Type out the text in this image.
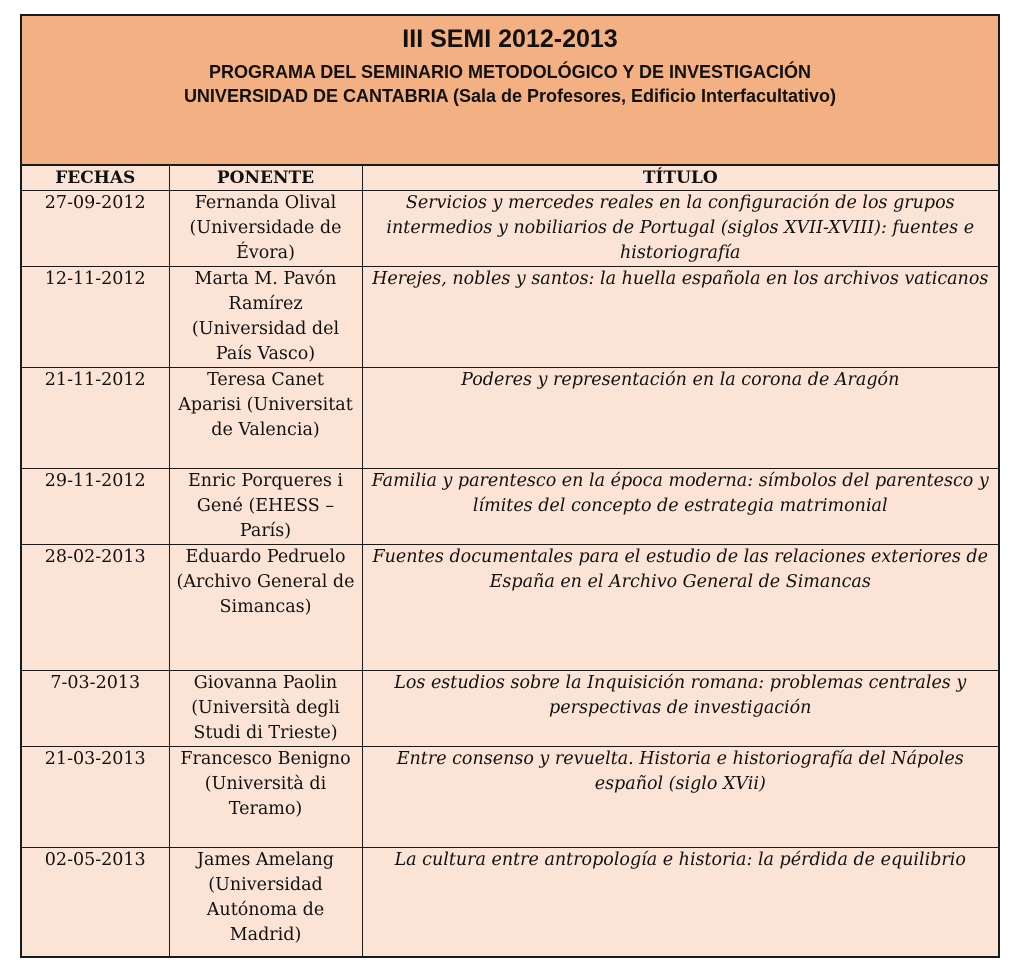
III SEMI 2012-2013
PROGRAMA DEL SEMINARIO METODOLÓGICO Y DE INVESTIGACIÓN
UNIVERSIDAD DE CANTABRIA (Sala de Profesores, Edificio Interfacultativo)
FECHAS	PONENTE	TÍTULO
27-09-2012	Fernanda Olival (Universidade de Évora)	Servicios y mercedes reales en la configuración de los grupos intermedios y nobiliarios de Portugal (siglos XVII-XVIII): fuentes e historiografía
12-11-2012	Marta M. Pavón Ramírez (Universidad del País Vasco)	Herejes, nobles y santos: la huella española en los archivos vaticanos
21-11-2012	Teresa Canet Aparisi (Universitat de Valencia)	Poderes y representación en la corona de Aragón
29-11-2012	Enric Porqueres i Gené (EHESS – París)	Familia y parentesco en la época moderna: símbolos del parentesco y límites del concepto de estrategia matrimonial
28-02-2013	Eduardo Pedruelo (Archivo General de Simancas)	Fuentes documentales para el estudio de las relaciones exteriores de España en el Archivo General de Simancas
7-03-2013	Giovanna Paolin (Università degli Studi di Trieste)	Los estudios sobre la Inquisición romana: problemas centrales y perspectivas de investigación
21-03-2013	Francesco Benigno (Università di Teramo)	Entre consenso y revuelta. Historia e historiografía del Nápoles español (siglo XVii)
02-05-2013	James Amelang (Universidad Autónoma de Madrid)	La cultura entre antropología e historia: la pérdida de equilibrio
